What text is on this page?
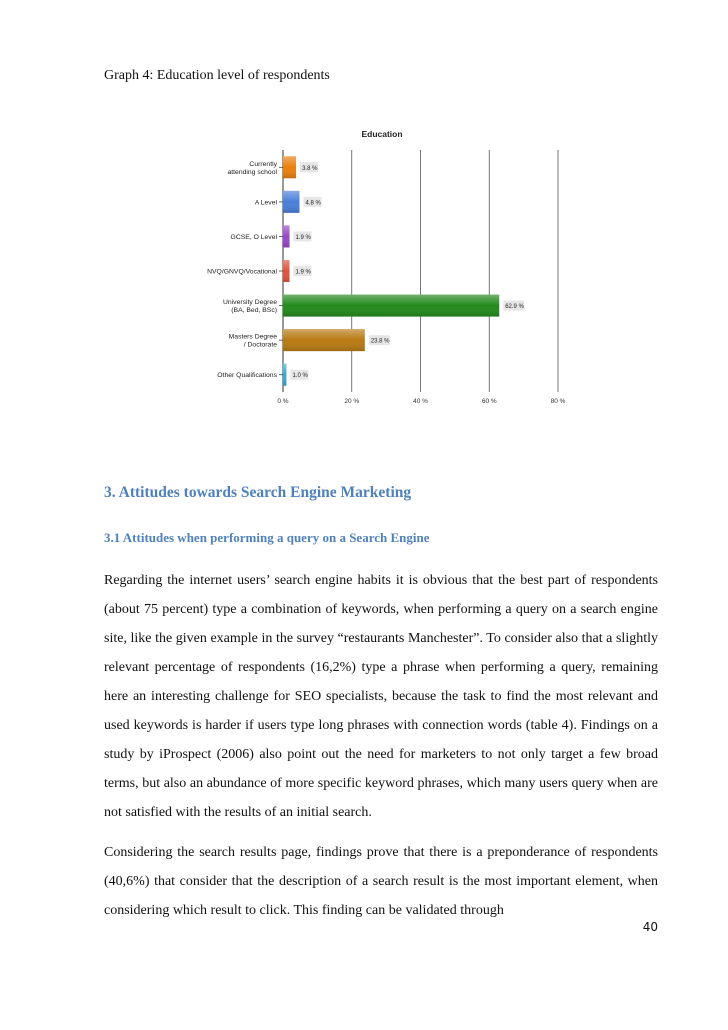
Graph 4: Education level of respondents
Education
3.8 %
4.8 %
1.9 %
1.9 %
62.9 %
23.8 %
1.0 %
Currently
attending school
A Level
GCSE, O Level
NVQ/GNVQ/Vocational
University Degree
(BA, Bed, BSc)
Masters Degree
/ Doctorate
Other Qualifications
0 %	20 %	40 %	60 %	80 %
3. Attitudes towards Search Engine Marketing
3.1 Attitudes when performing a query on a Search Engine

Regarding the internet users’ search engine habits it is obvious that the best part of respondents (about 75 percent) type a combination of keywords, when performing a query on a search engine site, like the given example in the survey “restaurants Manchester”. To consider also that a slightly relevant percentage of respondents (16,2%) type a phrase when performing a query, remaining here an interesting challenge for SEO specialists, because the task to find the most relevant and used keywords is harder if users type long phrases with connection words (table 4). Findings on a study by iProspect (2006) also point out the need for marketers to not only target a few broad terms, but also an abundance of more specific keyword phrases, which many users query when are not satisfied with the results of an initial search.

Considering the search results page, findings prove that there is a preponderance of respondents (40,6%) that consider that the description of a search result is the most important element, when considering which result to click. This finding can be validated through

40
